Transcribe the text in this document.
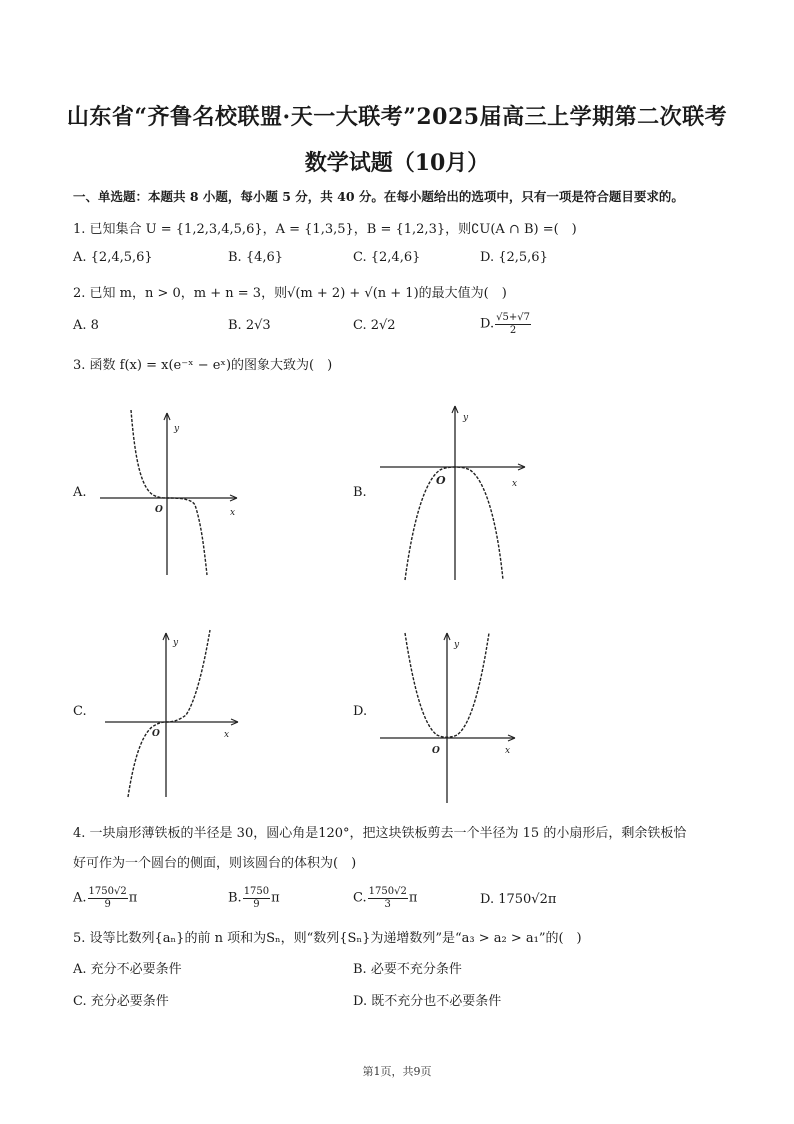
山东省“齐鲁名校联盟·天一大联考”2025届高三上学期第二次联考
数学试题（10月）
一、单选题：本题共 8 小题，每小题 5 分，共 40 分。在每小题给出的选项中，只有一项是符合题目要求的。
1. 已知集合 U = {1,2,3,4,5,6}，A = {1,3,5}，B = {1,2,3}，则∁U(A ∩ B) =(　)
A. {2,4,5,6}	B. {4,6}	C. {2,4,6}	D. {2,5,6}
2. 已知 m，n > 0，m + n = 3，则√(m + 2) + √(n + 1)的最大值为(　)
A. 8	B. 2√3	C. 2√2	D. $\frac{√5+√7}{2}$
3. 函数 f(x) = x(e⁻ˣ − eˣ)的图象大致为(　)
A.
y
x
O
B.
y
x
O
C.
y
x
O
D.
y
x
O
4. 一块扇形薄铁板的半径是 30，圆心角是120°，把这块铁板剪去一个半径为 15 的小扇形后，剩余铁板恰
好可作为一个圆台的侧面，则该圆台的体积为(　)
A. $\frac{1750√2}{9}$ π	B. $\frac{1750}{9}$ π	C. $\frac{1750√2}{3}$ π	D. 1750√2π
5. 设等比数列{aₙ}的前 n 项和为Sₙ，则“数列{Sₙ}为递增数列”是“a₃ > a₂ > a₁”的(　)
A. 充分不必要条件	B. 必要不充分条件
C. 充分必要条件	D. 既不充分也不必要条件
第1页，共9页
